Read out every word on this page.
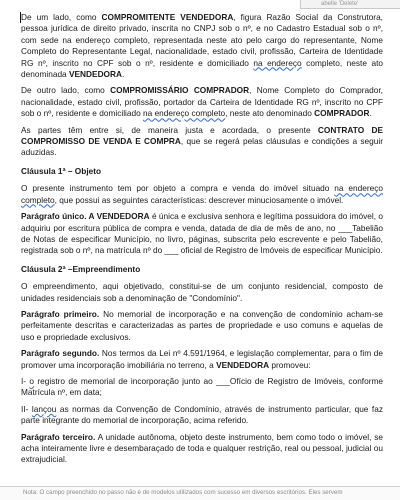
abelle 'Delete'

De um lado, como COMPROMITENTE VENDEDORA, figura Razão Social da Construtora, pessoa jurídica de direito privado, inscrita no CNPJ sob o nº, e no Cadastro Estadual sob o nº, com sede na endereço completo, representada neste ato pelo cargo do representante, Nome Completo do Representante Legal, nacionalidade, estado civil, profissão, Carteira de Identidade RG nº, inscrito no CPF sob o nº, residente e domiciliado na endereço completo, neste ato denominada VENDEDORA.

De outro lado, como COMPROMISSÁRIO COMPRADOR, Nome Completo do Comprador, nacionalidade, estado civil, profissão, portador da Carteira de Identidade RG nº, inscrito no CPF sob o nº, residente e domiciliado na endereço completo, neste ato denominado COMPRADOR.

As partes têm entre si, de maneira justa e acordada, o presente CONTRATO DE COMPROMISSO DE VENDA E COMPRA, que se regerá pelas cláusulas e condições a seguir aduzidas.

Cláusula 1ª – Objeto

O presente instrumento tem por objeto a compra e venda do imóvel situado na endereço completo, que possui as seguintes características: descrever minuciosamente o imóvel.

Parágrafo único. A VENDEDORA é única e exclusiva senhora e legítima possuidora do imóvel, o adquiriu por escritura pública de compra e venda, datada de dia de mês de ano, no ___Tabelião de Notas de especificar Município, no livro, páginas, subscrita pelo escrevente e pelo Tabelião, registrada sob o nº, na matrícula nº do ___ oficial de Registro de Imóveis de especificar Município.

Cláusula 2ª –Empreendimento

O empreendimento, aqui objetivado, constitui-se de um conjunto residencial, composto de unidades residenciais sob a denominação de "Condomínio".

Parágrafo primeiro. No memorial de incorporação e na convenção de condomínio acham-se perfeitamente descritas e caracterizadas as partes de propriedade e uso comuns e aquelas de uso e propriedade exclusivos.

Parágrafo segundo. Nos termos da Lei nº 4.591/1964, e legislação complementar, para o fim de promover uma incorporação imobiliária no terreno, a VENDEDORA promoveu:

I- o registro de memorial de incorporação junto ao ___Ofício de Registro de Imóveis, conforme Matrícula nº, em data;

II- lançou as normas da Convenção de Condomínio, através de instrumento particular, que faz parte integrante do memorial de incorporação, acima referido.

Parágrafo terceiro. A unidade autônoma, objeto deste instrumento, bem como todo o imóvel, se acha inteiramente livre e desembaraçado de toda e qualquer restrição, real ou pessoal, judicial ou extrajudicial.

Nota: O campo preenchido no passo não é de modelos utilizados com sucesso em diversos escritórios. Eles servem
